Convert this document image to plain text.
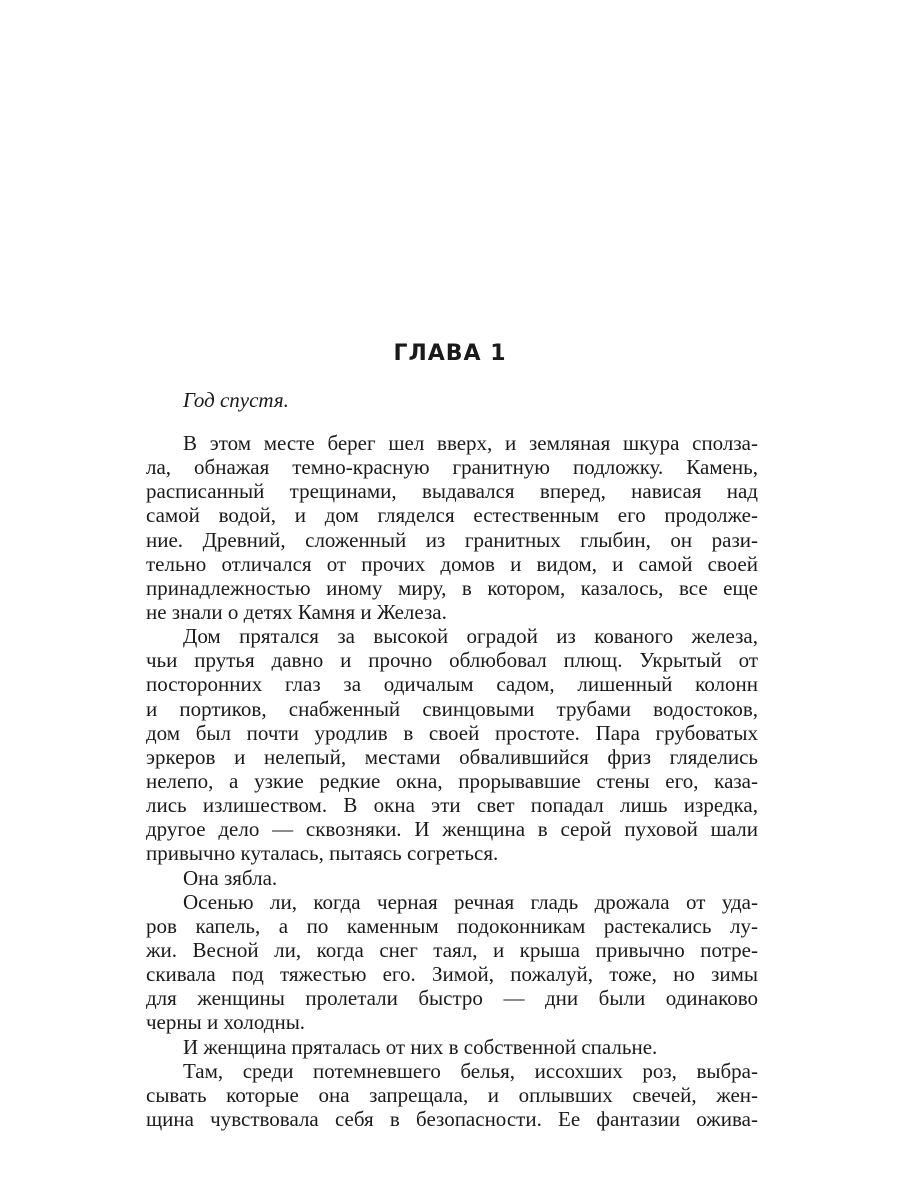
ГЛАВА 1
Год спустя.
В этом месте берег шел вверх, и земляная шкура сполза-
ла, обнажая темно-красную гранитную подложку. Камень,
расписанный трещинами, выдавался вперед, нависая над
самой водой, и дом гляделся естественным его продолже-
ние. Древний, сложенный из гранитных глыбин, он рази-
тельно отличался от прочих домов и видом, и самой своей
принадлежностью иному миру, в котором, казалось, все еще
не знали о детях Камня и Железа.
Дом прятался за высокой оградой из кованого железа,
чьи прутья давно и прочно облюбовал плющ. Укрытый от
посторонних глаз за одичалым садом, лишенный колонн
и портиков, снабженный свинцовыми трубами водостоков,
дом был почти уродлив в своей простоте. Пара грубоватых
эркеров и нелепый, местами обвалившийся фриз гляделись
нелепо, а узкие редкие окна, прорывавшие стены его, каза-
лись излишеством. В окна эти свет попадал лишь изредка,
другое дело — сквозняки. И женщина в серой пуховой шали
привычно куталась, пытаясь согреться.
Она зябла.
Осенью ли, когда черная речная гладь дрожала от уда-
ров капель, а по каменным подоконникам растекались лу-
жи. Весной ли, когда снег таял, и крыша привычно потре-
скивала под тяжестью его. Зимой, пожалуй, тоже, но зимы
для женщины пролетали быстро — дни были одинаково
черны и холодны.
И женщина пряталась от них в собственной спальне.
Там, среди потемневшего белья, иссохших роз, выбра-
сывать которые она запрещала, и оплывших свечей, жен-
щина чувствовала себя в безопасности. Ее фантазии ожива-
